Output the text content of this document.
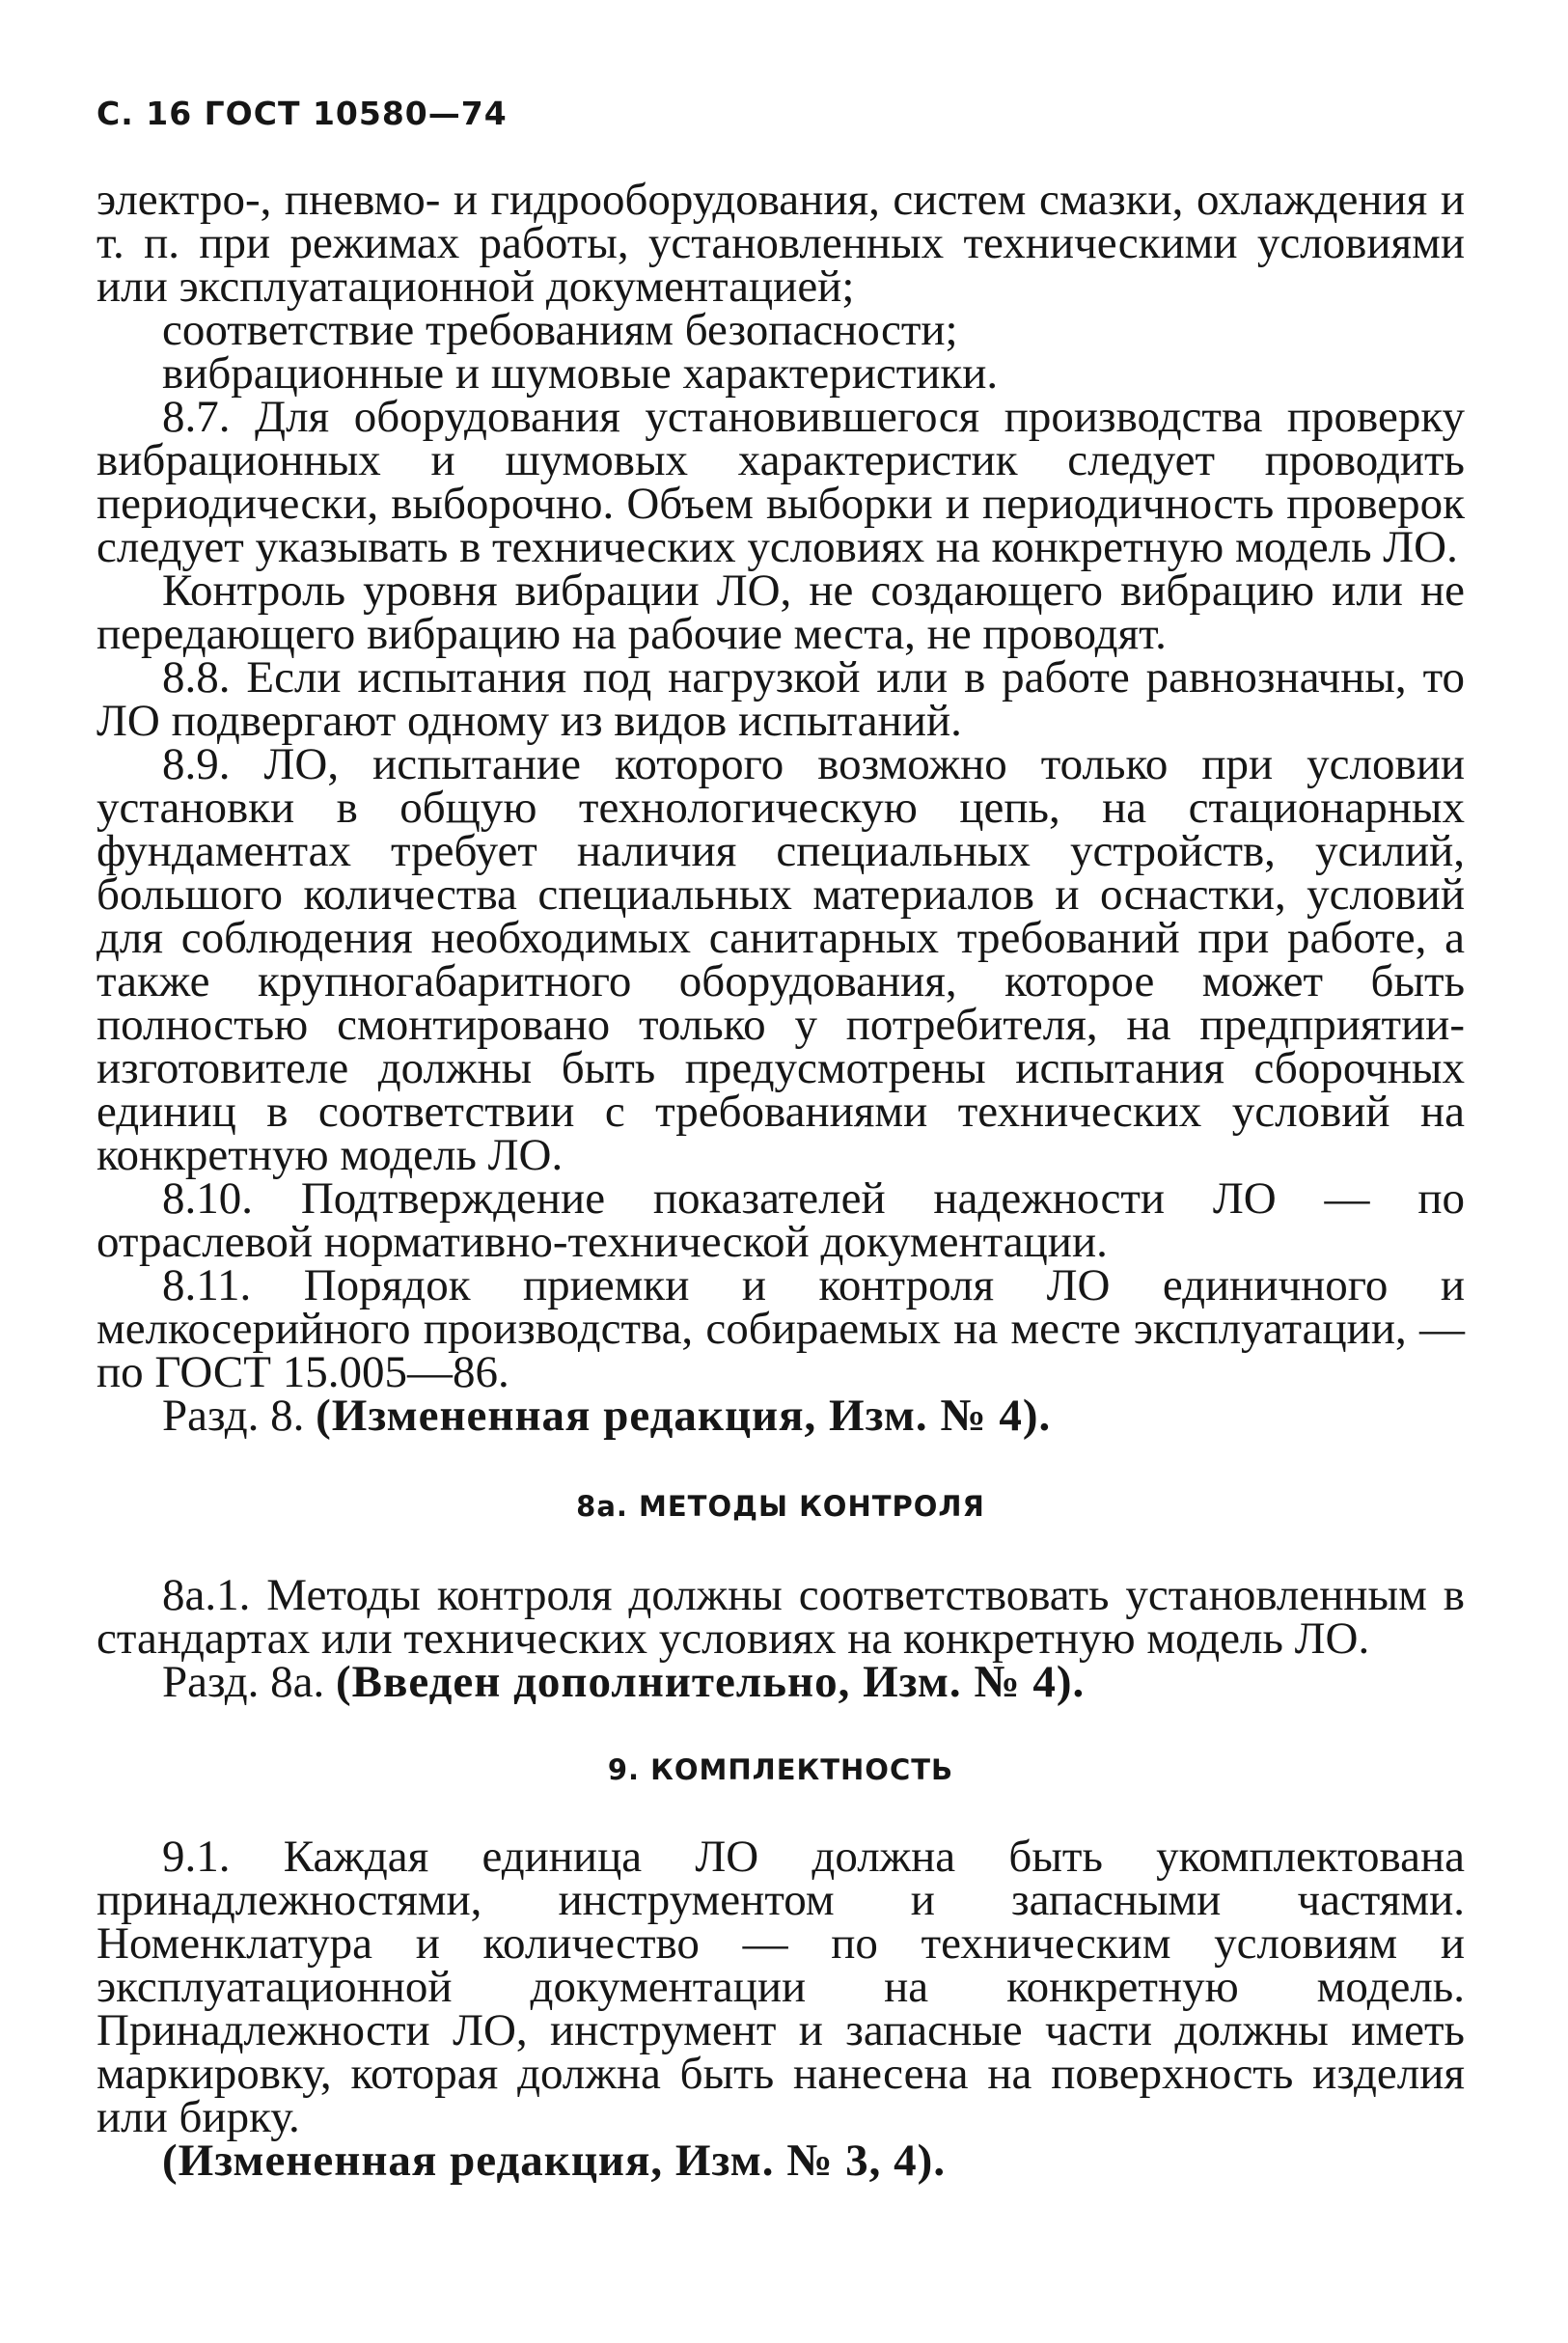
С. 16 ГОСТ 10580—74

электро-, пневмо- и гидрооборудования, систем смазки, охлаждения и т. п. при режимах работы, установленных техническими условиями или эксплуатационной документацией;

соответствие требованиям безопасности;

вибрационные и шумовые характеристики.

8.7. Для оборудования установившегося производства проверку вибрационных и шумовых характеристик следует проводить периодически, выборочно. Объем выборки и периодичность проверок следует указывать в технических условиях на конкретную модель ЛО.

Контроль уровня вибрации ЛО, не создающего вибрацию или не передающего вибрацию на рабочие места, не проводят.

8.8. Если испытания под нагрузкой или в работе равнозначны, то ЛО подвергают одному из видов испытаний.

8.9. ЛО, испытание которого возможно только при условии установки в общую технологическую цепь, на стационарных фундаментах требует наличия специальных устройств, усилий, большого количества специальных материалов и оснастки, условий для соблюдения необходимых санитарных требований при работе, а также крупногабаритного оборудования, которое может быть полностью смонтировано только у потребителя, на предприятии-изготовителе должны быть предусмотрены испытания сборочных единиц в соответствии с требованиями технических условий на конкретную модель ЛО.

8.10. Подтверждение показателей надежности ЛО — по отраслевой нормативно-технической документации.

8.11. Порядок приемки и контроля ЛО единичного и мелкосерийного производства, собираемых на месте эксплуатации, — по ГОСТ 15.005—86.

Разд. 8. (Измененная редакция, Изм. № 4).

8а. МЕТОДЫ КОНТРОЛЯ

8а.1. Методы контроля должны соответствовать установленным в стандартах или технических условиях на конкретную модель ЛО.

Разд. 8а. (Введен дополнительно, Изм. № 4).

9. КОМПЛЕКТНОСТЬ

9.1. Каждая единица ЛО должна быть укомплектована принадлежностями, инструментом и запасными частями. Номенклатура и количество — по техническим условиям и эксплуатационной документации на конкретную модель. Принадлежности ЛО, инструмент и запасные части должны иметь маркировку, которая должна быть нанесена на поверхность изделия или бирку.

(Измененная редакция, Изм. № 3, 4).
